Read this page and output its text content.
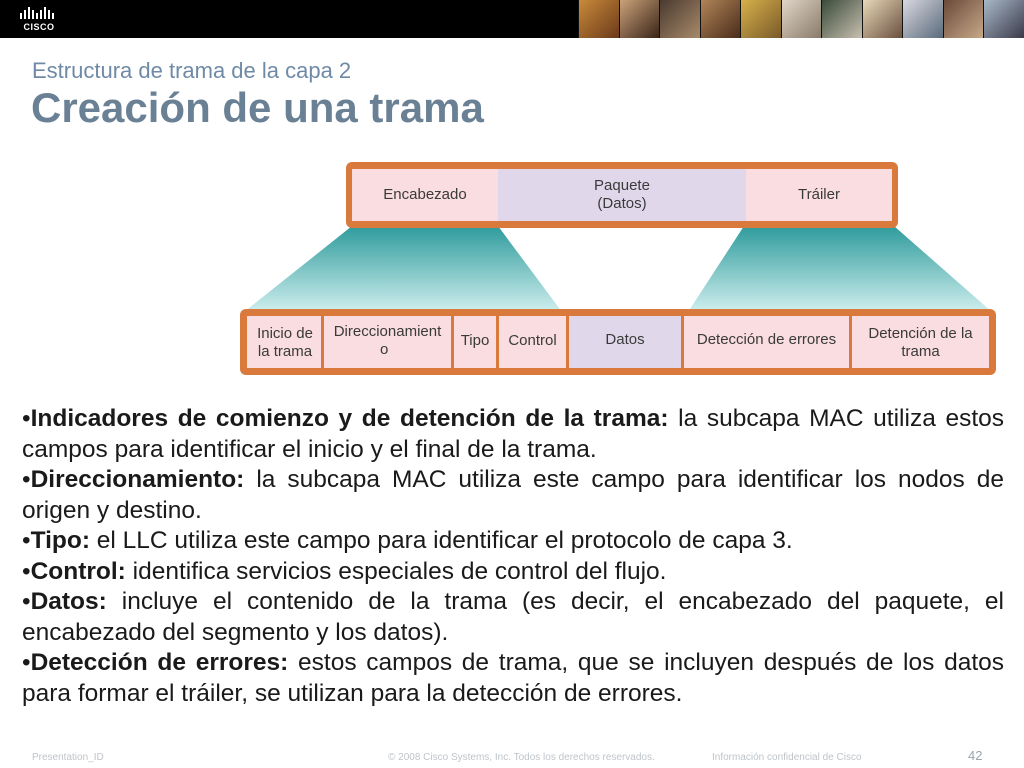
CISCO
Estructura de trama de la capa 2
Creación de una trama
Encabezado
Paquete
(Datos)
Tráiler
Inicio de
la trama
Direccionamient
o
Tipo	Control	Datos	Detección de errores	Detención de la
trama

•Indicadores de comienzo y de detención de la trama: la subcapa MAC utiliza estos campos para identificar el inicio y el final de la trama.

•Direccionamiento: la subcapa MAC utiliza este campo para identificar los nodos de origen y destino.

•Tipo: el LLC utiliza este campo para identificar el protocolo de capa 3.

•Control: identifica servicios especiales de control del flujo.

•Datos: incluye el contenido de la trama (es decir, el encabezado del paquete, el encabezado del segmento y los datos).

•Detección de errores: estos campos de trama, que se incluyen después de los datos para formar el tráiler, se utilizan para la detección de errores.

Presentation_ID	© 2008 Cisco Systems, Inc. Todos los derechos reservados.	Información confidencial de Cisco	42
